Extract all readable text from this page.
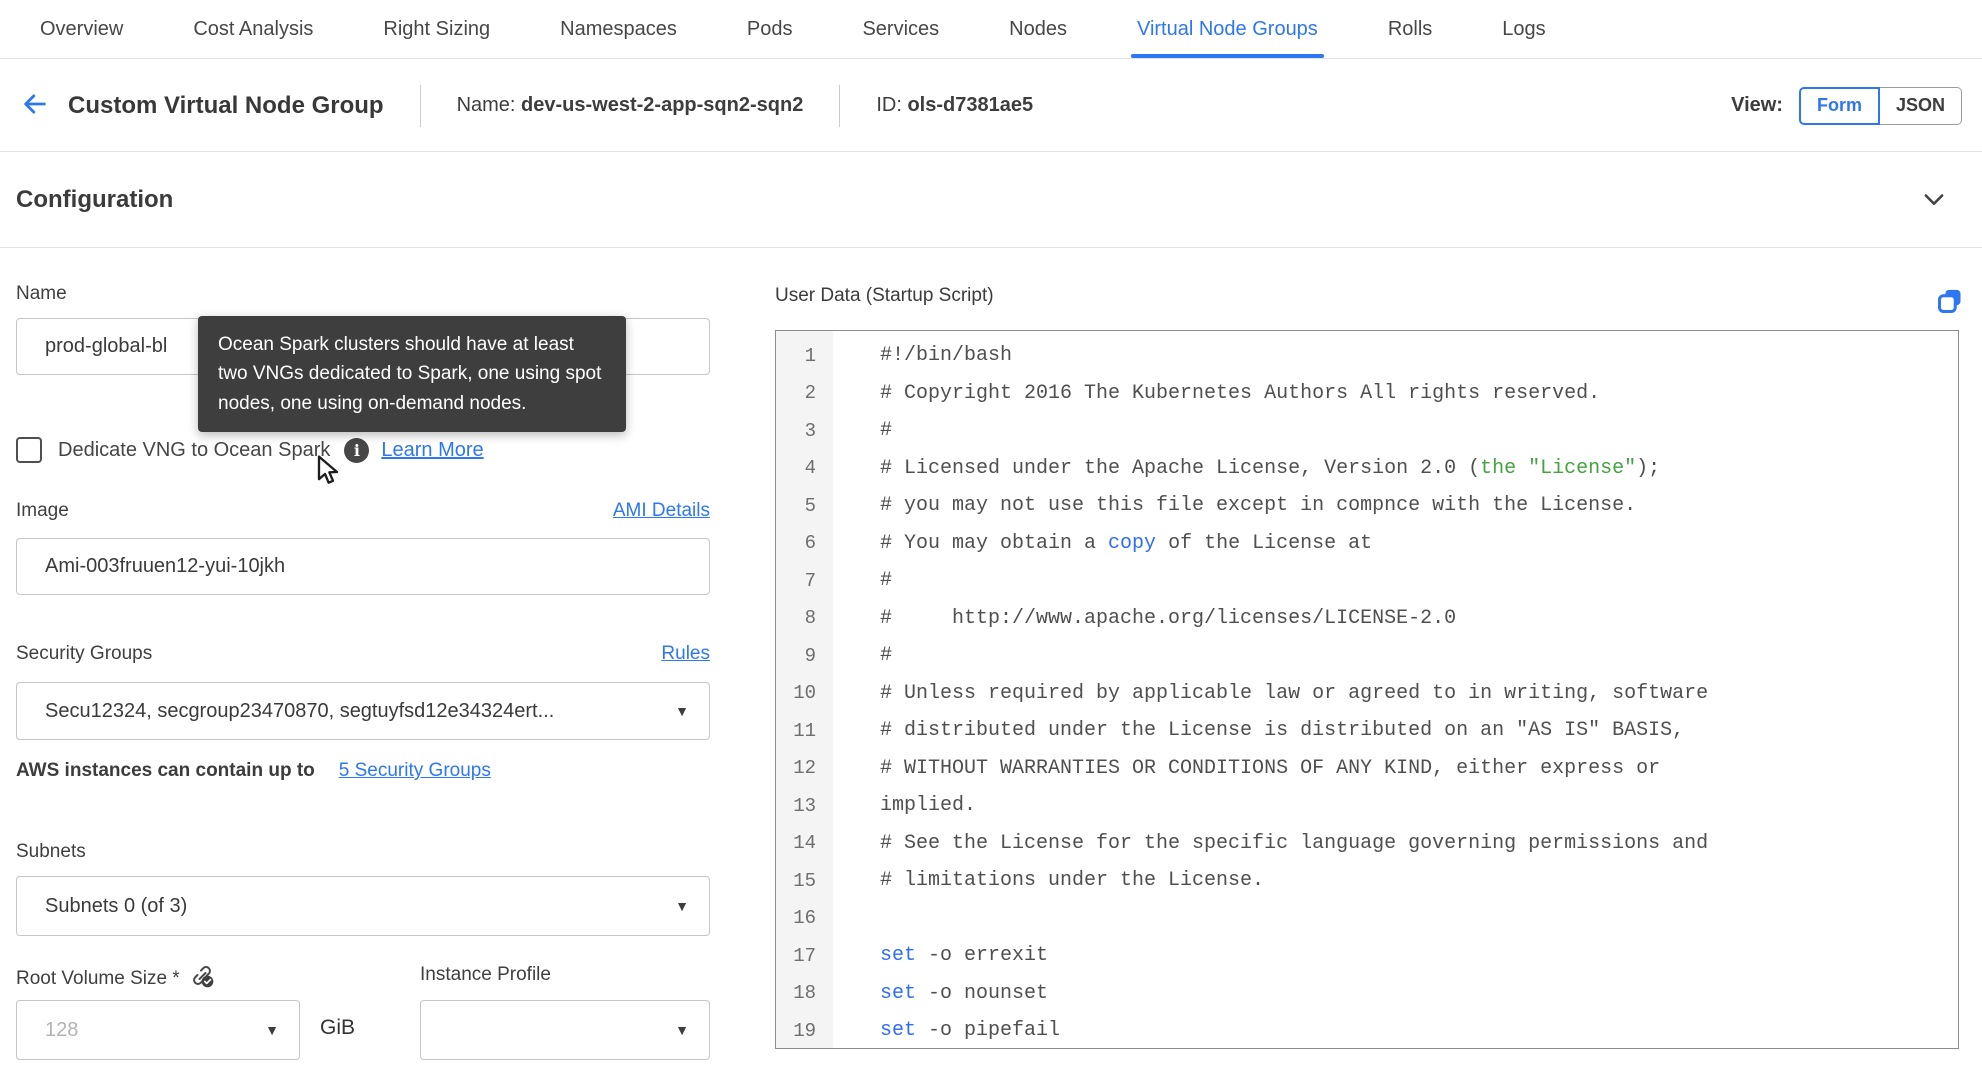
Overview	Cost Analysis	Right Sizing	Namespaces	Pods	Services	Nodes	Virtual Node Groups	Rolls	Logs
Custom Virtual Node Group	Name: dev-us-west-2-app-sqn2-sqn2	ID: ols-d7381ae5	View:	Form	JSON
Configuration
Name
prod-global-bl
Ocean Spark clusters should have at least two VNGs dedicated to Spark, one using spot nodes, one using on-demand nodes.
Dedicate VNG to Ocean Spark	i	Learn More
Image	AMI Details
Ami-003fruuen12-yui-10jkh
Security Groups	Rules
Secu12324, secgroup23470870, segtuyfsd12e34324ert...	▼
AWS instances can contain up to 5 Security Groups
Subnets
Subnets 0 (of 3)	▼
Root Volume Size *	Instance Profile
128	▼ GiB	▼
User Data (Startup Script)
1	#!/bin/bash
2	# Copyright 2016 The Kubernetes Authors All rights reserved.
3	#
4	# Licensed under the Apache License, Version 2.0 (the "License");
5	# you may not use this file except in compnce with the License.
6	# You may obtain a copy of the License at
7	#
8	#     http://www.apache.org/licenses/LICENSE-2.0
9	#
10	# Unless required by applicable law or agreed to in writing, software
11	# distributed under the License is distributed on an "AS IS" BASIS,
12	# WITHOUT WARRANTIES OR CONDITIONS OF ANY KIND, either express or
13	implied.
14	# See the License for the specific language governing permissions and
15	# limitations under the License.
16
17	set -o errexit
18	set -o nounset
19	set -o pipefail
